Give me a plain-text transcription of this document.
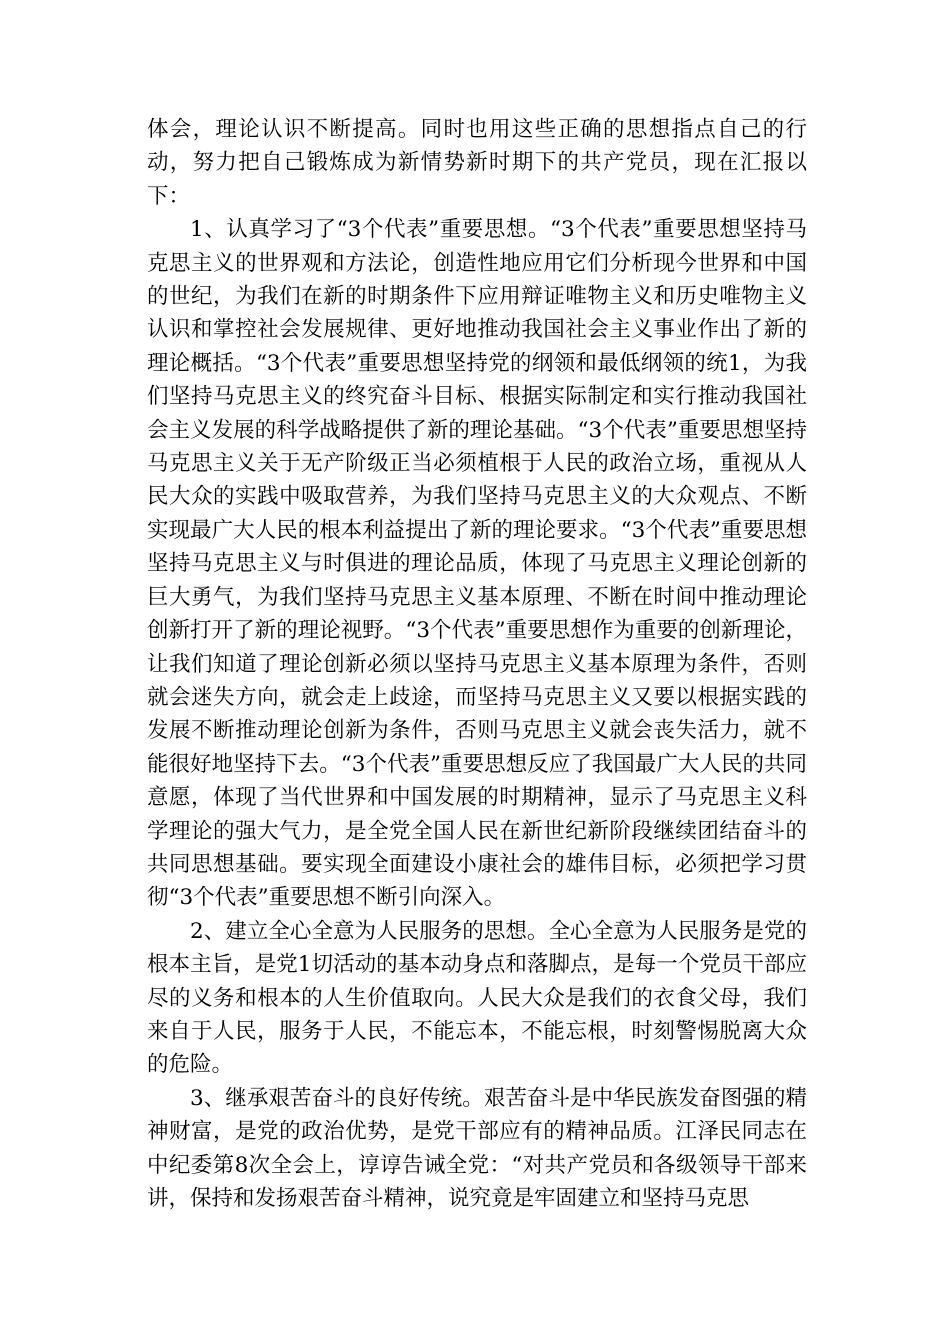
体会，理论认识不断提高。同时也用这些正确的思想指点自己的行动，努力把自己锻炼成为新情势新时期下的共产党员，现在汇报以下：

1、认真学习了“3个代表”重要思想。“3个代表”重要思想坚持马克思主义的世界观和方法论，创造性地应用它们分析现今世界和中国的世纪，为我们在新的时期条件下应用辩证唯物主义和历史唯物主义认识和掌控社会发展规律、更好地推动我国社会主义事业作出了新的理论概括。“3个代表”重要思想坚持党的纲领和最低纲领的统1，为我们坚持马克思主义的终究奋斗目标、根据实际制定和实行推动我国社会主义发展的科学战略提供了新的理论基础。“3个代表”重要思想坚持马克思主义关于无产阶级正当必须植根于人民的政治立场，重视从人民大众的实践中吸取营养，为我们坚持马克思主义的大众观点、不断实现最广大人民的根本利益提出了新的理论要求。“3个代表”重要思想坚持马克思主义与时俱进的理论品质，体现了马克思主义理论创新的巨大勇气，为我们坚持马克思主义基本原理、不断在时间中推动理论创新打开了新的理论视野。“3个代表”重要思想作为重要的创新理论，让我们知道了理论创新必须以坚持马克思主义基本原理为条件，否则就会迷失方向，就会走上歧途，而坚持马克思主义又要以根据实践的发展不断推动理论创新为条件，否则马克思主义就会丧失活力，就不能很好地坚持下去。“3个代表”重要思想反应了我国最广大人民的共同意愿，体现了当代世界和中国发展的时期精神，显示了马克思主义科学理论的强大气力，是全党全国人民在新世纪新阶段继续团结奋斗的共同思想基础。要实现全面建设小康社会的雄伟目标，必须把学习贯彻“3个代表”重要思想不断引向深入。

2、建立全心全意为人民服务的思想。全心全意为人民服务是党的根本主旨，是党1切活动的基本动身点和落脚点，是每一个党员干部应尽的义务和根本的人生价值取向。人民大众是我们的衣食父母，我们来自于人民，服务于人民，不能忘本，不能忘根，时刻警惕脱离大众的危险。

3、继承艰苦奋斗的良好传统。艰苦奋斗是中华民族发奋图强的精神财富，是党的政治优势，是党干部应有的精神品质。江泽民同志在中纪委第8次全会上，谆谆告诫全党：“对共产党员和各级领导干部来讲，保持和发扬艰苦奋斗精神，说究竟是牢固建立和坚持马克思
